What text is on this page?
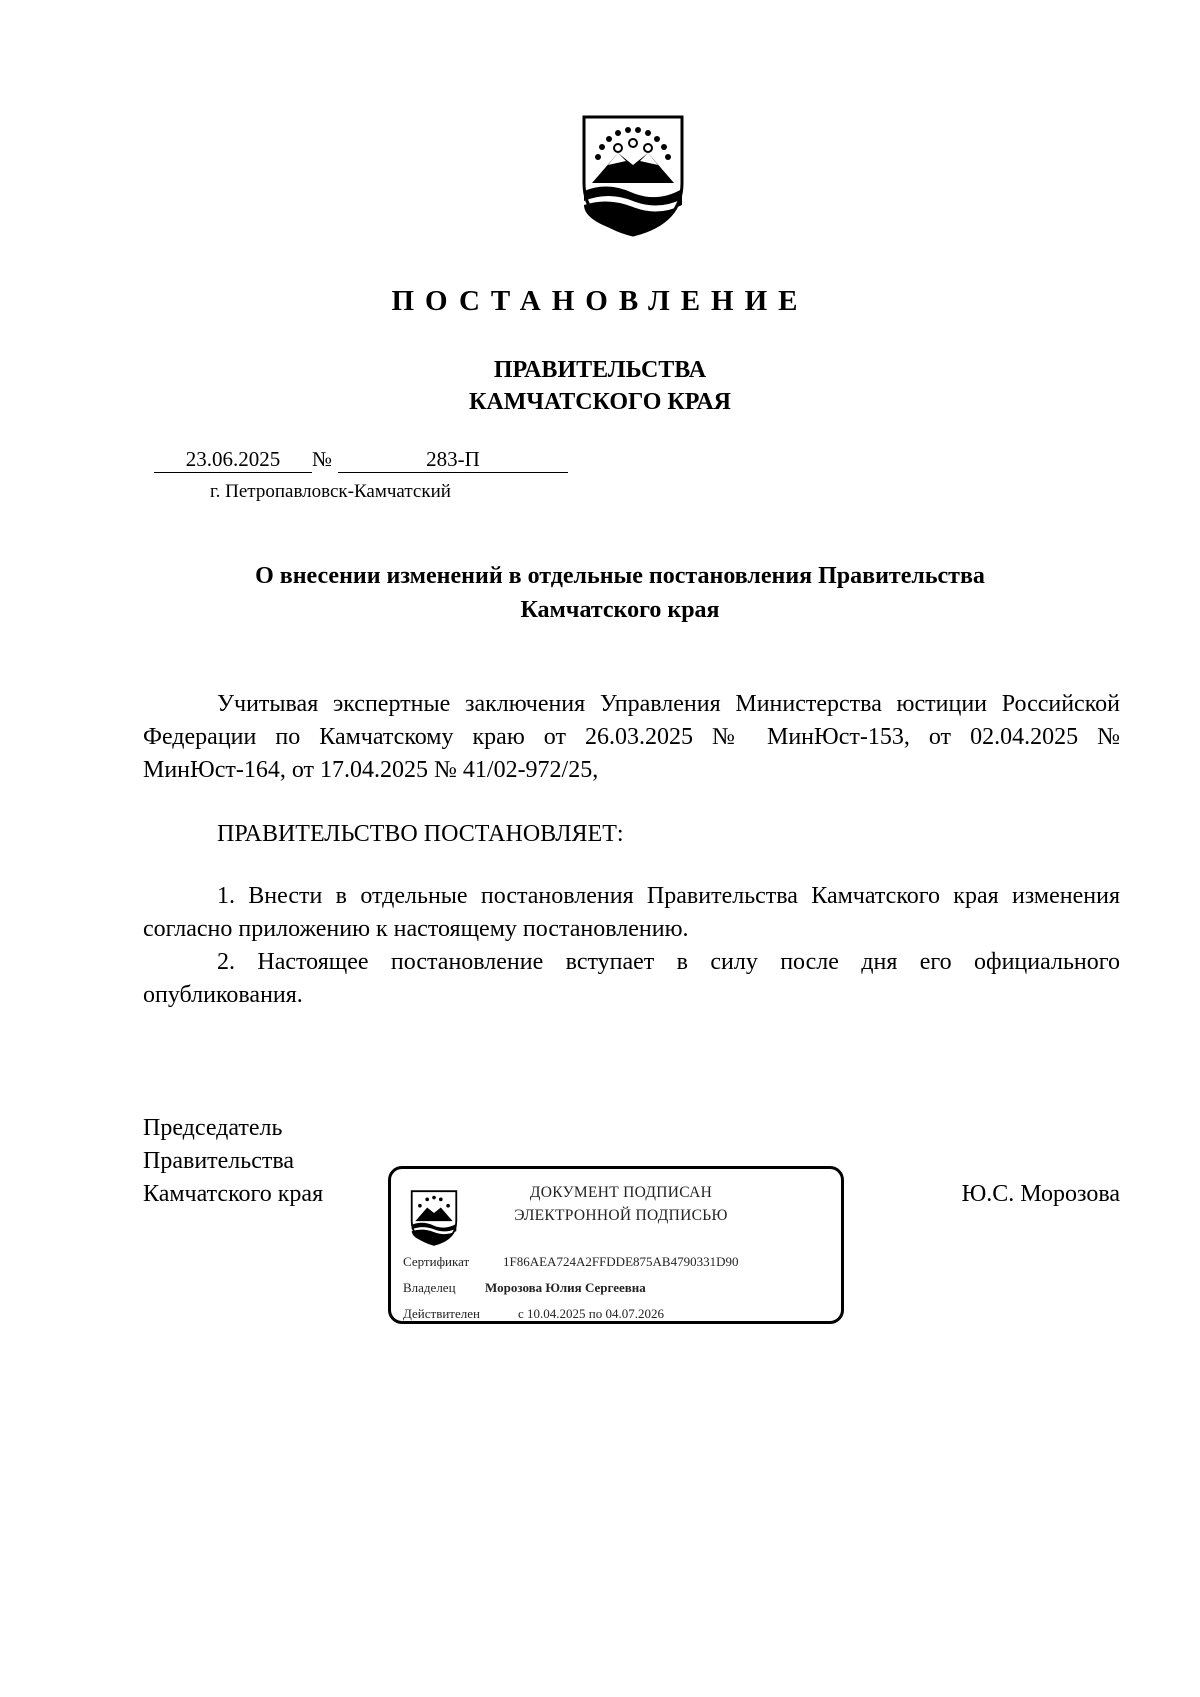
ПОСТАНОВЛЕНИЕ
ПРАВИТЕЛЬСТВА
КАМЧАТСКОГО КРАЯ
23.06.2025 №	283-П
г. Петропавловск-Камчатский
О внесении изменений в отдельные постановления Правительства
Камчатского края
Учитывая экспертные заключения Управления Министерства юстиции Российской Федерации по Камчатскому краю от 26.03.2025 № МинЮст-153, от 02.04.2025 № МинЮст-164, от 17.04.2025 № 41/02-972/25,
ПРАВИТЕЛЬСТВО ПОСТАНОВЛЯЕТ:
1. Внести в отдельные постановления Правительства Камчатского края изменения согласно приложению к настоящему постановлению.
2. Настоящее постановление вступает в силу после дня его официального опубликования.
Председатель
Правительства
Камчатского края	ДОКУМЕНТ ПОДПИСАН
ЭЛЕКТРОННОЙ ПОДПИСЬЮ
Сертификат	1F86AEA724A2FFDDE875AB4790331D90
Владелец Морозова Юлия Сергеевна
Действителен	с 10.04.2025 по 04.07.2026
Ю.С. Морозова
